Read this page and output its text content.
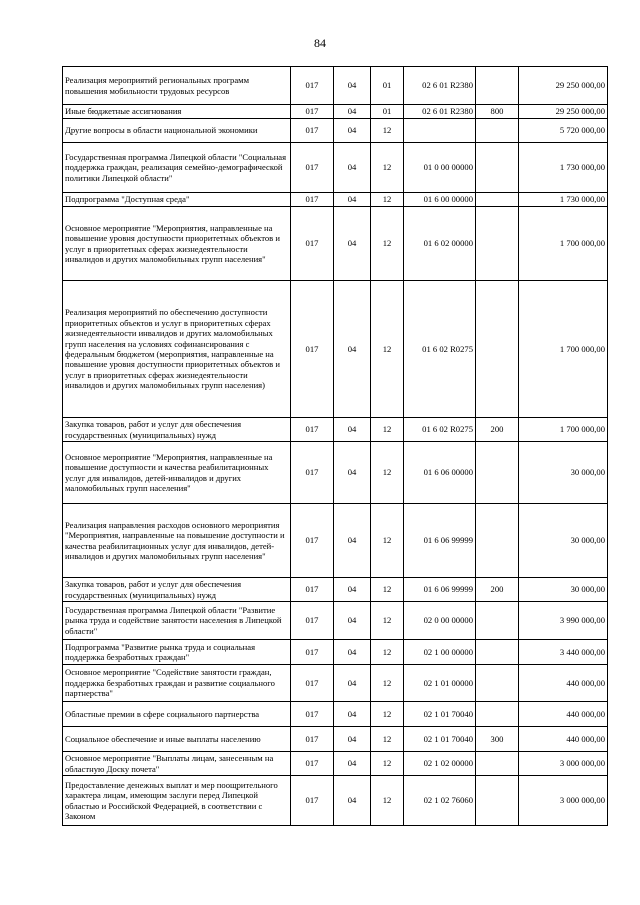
84
Реализация мероприятий региональных программ повышения мобильности трудовых ресурсов	017	04	01	02 6 01 R2380		29 250 000,00
Иные бюджетные ассигнования	017	04	01	02 6 01 R2380	800	29 250 000,00
Другие вопросы в области национальной экономики	017	04	12			5 720 000,00
Государственная программа Липецкой области "Социальная поддержка граждан, реализация семейно-демографической политики Липецкой области"	017	04	12	01 0 00 00000		1 730 000,00
Подпрограмма "Доступная среда"	017	04	12	01 6 00 00000		1 730 000,00
Основное мероприятие "Мероприятия, направленные на повышение уровня доступности приоритетных объектов и услуг в приоритетных сферах жизнедеятельности инвалидов и других маломобильных групп населения"	017	04	12	01 6 02 00000		1 700 000,00
Реализация мероприятий по обеспечению доступности приоритетных объектов и услуг в приоритетных сферах жизнедеятельности инвалидов и других маломобильных групп населения на условиях софинансирования с федеральным бюджетом (мероприятия, направленные на повышение уровня доступности приоритетных объектов и услуг в приоритетных сферах жизнедеятельности инвалидов и других маломобильных групп населения)	017	04	12	01 6 02 R0275		1 700 000,00
Закупка товаров, работ и услуг для обеспечения государственных (муниципальных) нужд	017	04	12	01 6 02 R0275	200	1 700 000,00
Основное мероприятие "Мероприятия, направленные на повышение доступности и качества реабилитационных услуг для инвалидов, детей-инвалидов и других маломобильных групп населения"	017	04	12	01 6 06 00000		30 000,00
Реализация направления расходов основного мероприятия "Мероприятия, направленные на повышение доступности и качества реабилитационных услуг для инвалидов, детей-инвалидов и других маломобильных групп населения"	017	04	12	01 6 06 99999		30 000,00
Закупка товаров, работ и услуг для обеспечения государственных (муниципальных) нужд	017	04	12	01 6 06 99999	200	30 000,00
Государственная программа Липецкой области "Развитие рынка труда и содействие занятости населения в Липецкой области"	017	04	12	02 0 00 00000		3 990 000,00
Подпрограмма "Развитие рынка труда и социальная поддержка безработных граждан"	017	04	12	02 1 00 00000		3 440 000,00
Основное мероприятие "Содействие занятости граждан, поддержка безработных граждан и развитие социального партнерства"	017	04	12	02 1 01 00000		440 000,00
Областные премии в сфере социального партнерства	017	04	12	02 1 01 70040		440 000,00
Социальное обеспечение и иные выплаты населению	017	04	12	02 1 01 70040	300	440 000,00
Основное мероприятие "Выплаты лицам, занесенным на областную Доску почета"	017	04	12	02 1 02 00000		3 000 000,00
Предоставление денежных выплат и мер поощрительного характера лицам, имеющим заслуги перед Липецкой областью и Российской Федерацией, в соответствии с Законом	017	04	12	02 1 02 76060		3 000 000,00
